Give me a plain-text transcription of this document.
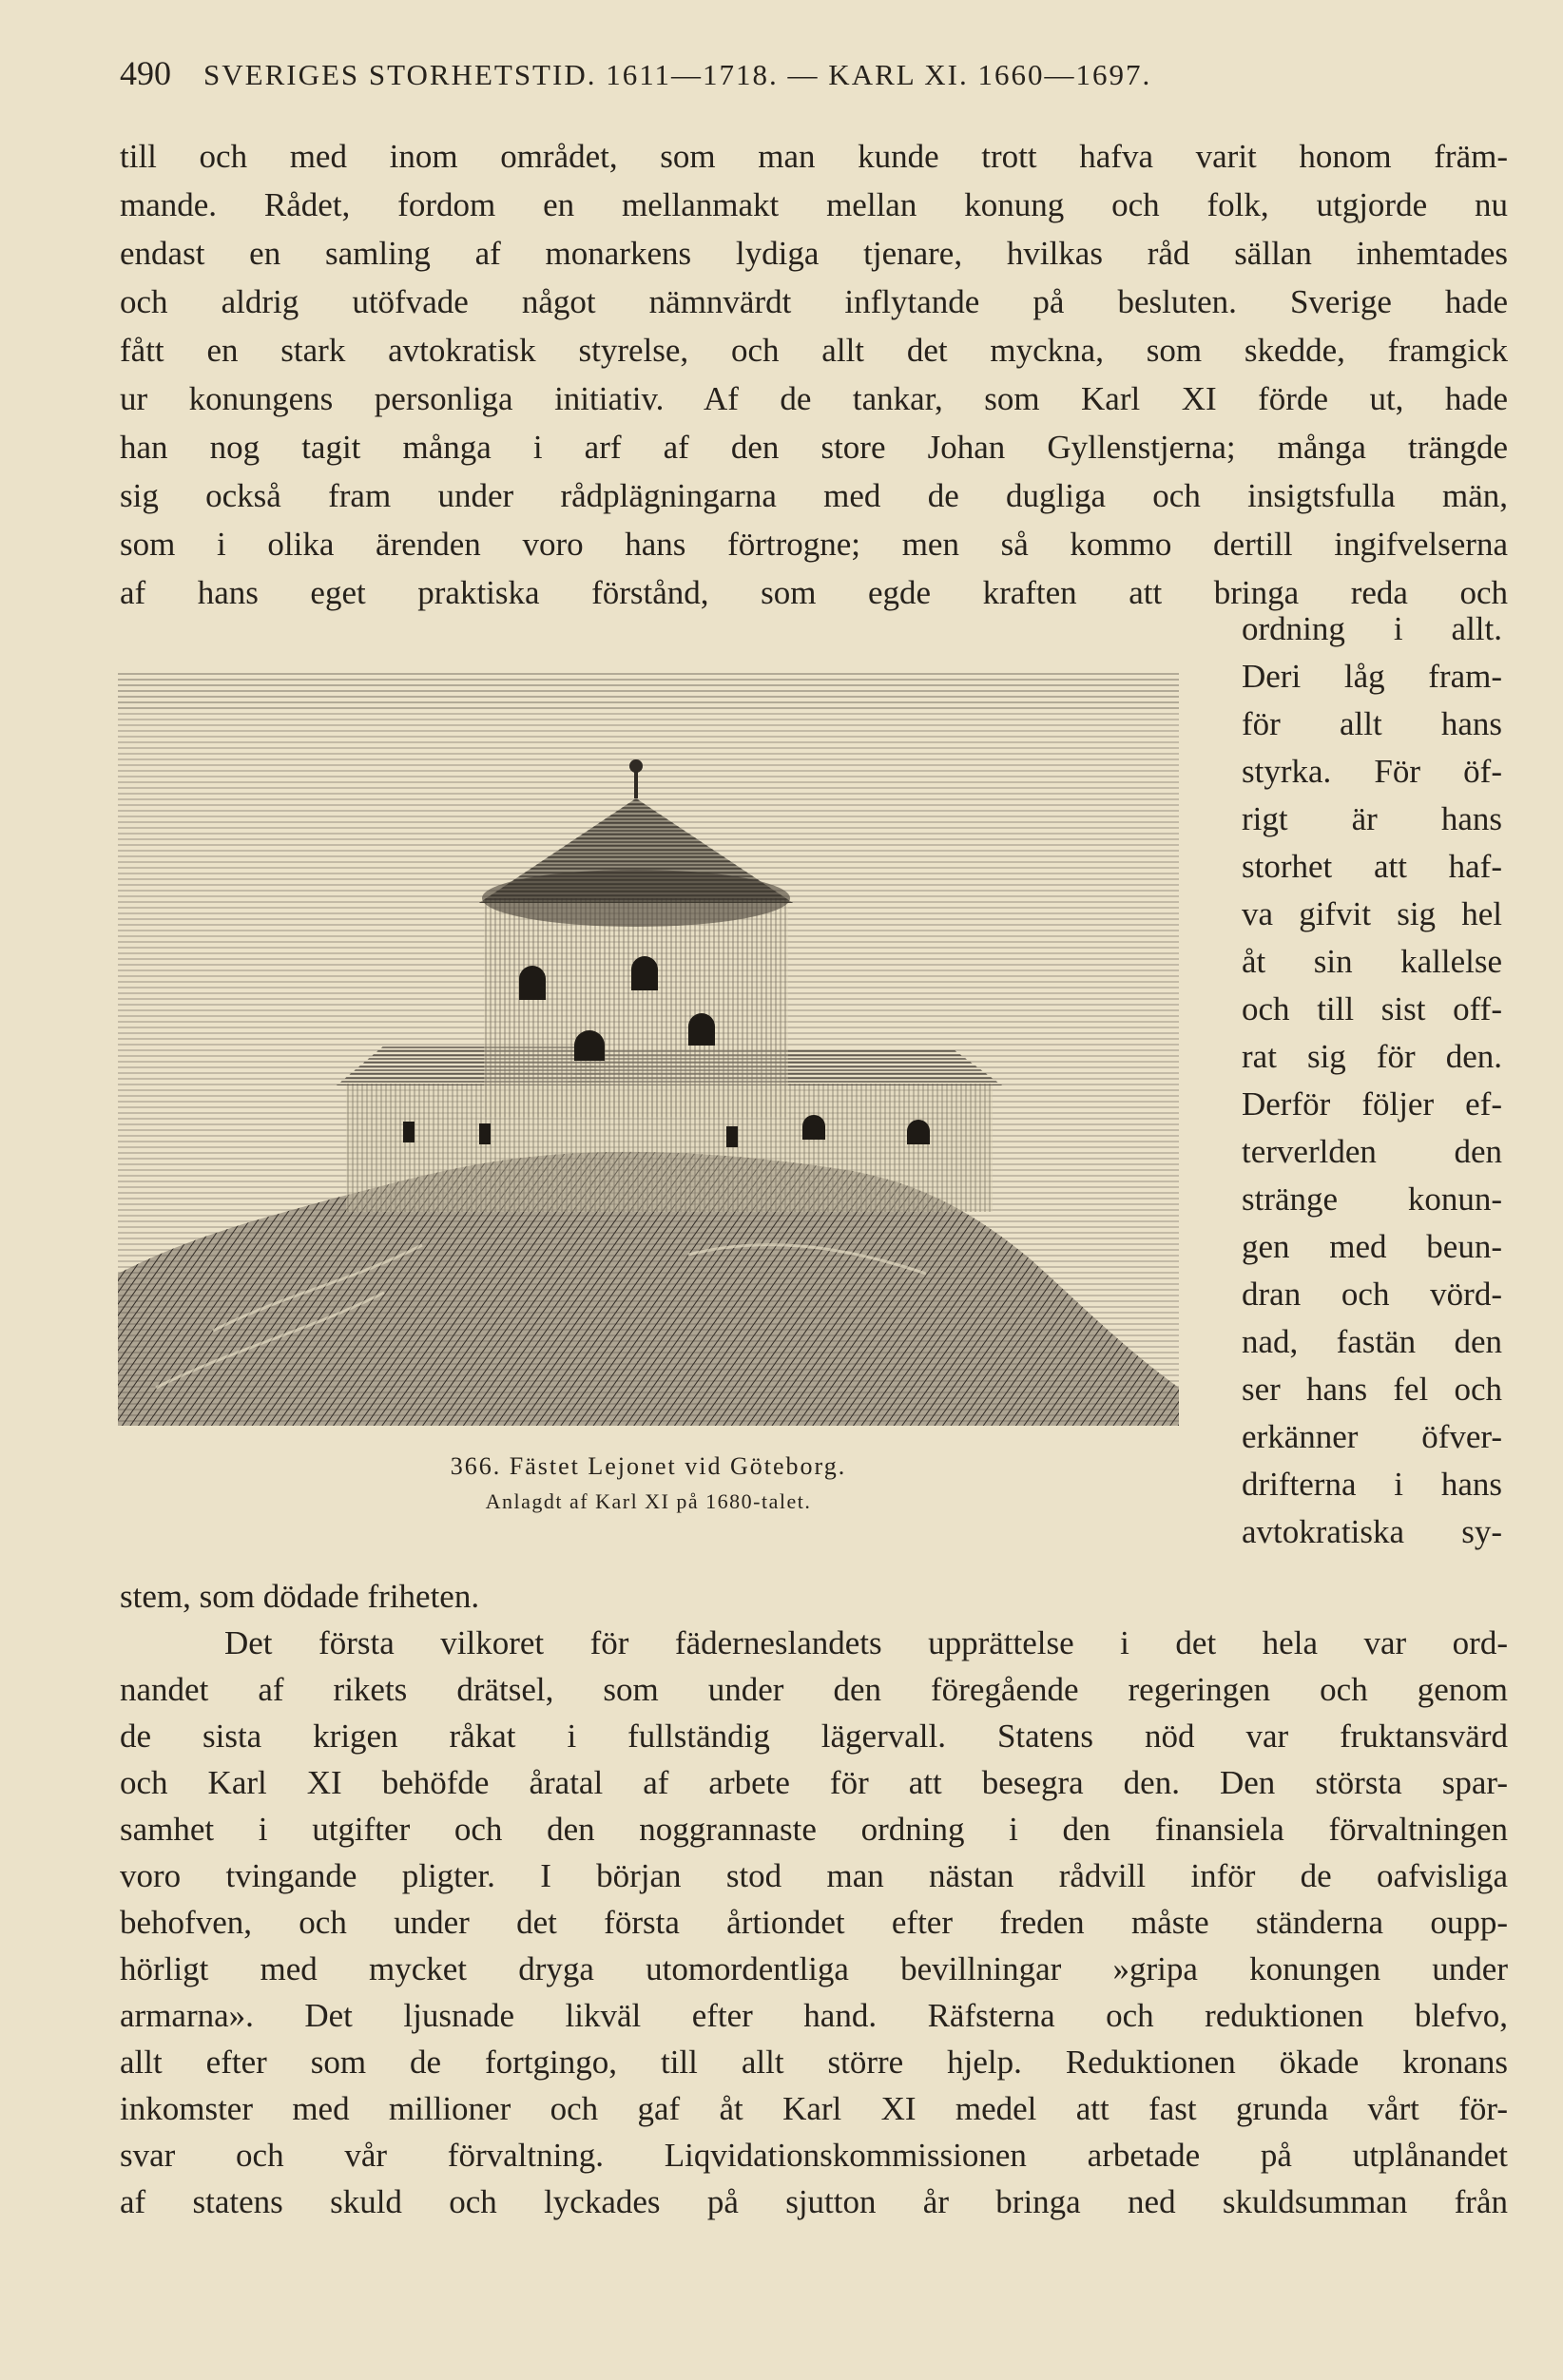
490 SVERIGES STORHETSTID. 1611—1718. — KARL XI. 1660—1697.
till och med inom området, som man kunde trott hafva varit honom främ-
mande. Rådet, fordom en mellanmakt mellan konung och folk, utgjorde nu
endast en samling af monarkens lydiga tjenare, hvilkas råd sällan inhemtades
och aldrig utöfvade något nämnvärdt inflytande på besluten. Sverige hade
fått en stark avtokratisk styrelse, och allt det myckna, som skedde, framgick
ur konungens personliga initiativ. Af de tankar, som Karl XI förde ut, hade
han nog tagit många i arf af den store Johan Gyllenstjerna; många trängde
sig också fram under rådplägningarna med de dugliga och insigtsfulla män,
som i olika ärenden voro hans förtrogne; men så kommo dertill ingifvelserna
af hans eget praktiska förstånd, som egde kraften att bringa reda och
ordning i allt.
Deri låg fram-
för allt hans
styrka. För öf-
rigt är hans
storhet att haf-
va gifvit sig hel
åt sin kallelse
och till sist off-
rat sig för den.
Derför följer ef-
terverlden den
stränge konun-
gen med beun-
dran och vörd-
nad, fastän den
ser hans fel och
erkänner öfver-
drifterna i hans
avtokratiska sy-
366. Fästet Lejonet vid Göteborg.
Anlagdt af Karl XI på 1680-talet.
stem, som dödade friheten.
Det första vilkoret för fäderneslandets upprättelse i det hela var ord-
nandet af rikets drätsel, som under den föregående regeringen och genom
de sista krigen råkat i fullständig lägervall. Statens nöd var fruktansvärd
och Karl XI behöfde åratal af arbete för att besegra den. Den största spar-
samhet i utgifter och den noggrannaste ordning i den finansiela förvaltningen
voro tvingande pligter. I början stod man nästan rådvill inför de oafvisliga
behofven, och under det första årtiondet efter freden måste ständerna oupp-
hörligt med mycket dryga utomordentliga bevillningar »gripa konungen under
armarna». Det ljusnade likväl efter hand. Räfsterna och reduktionen blefvo,
allt efter som de fortgingo, till allt större hjelp. Reduktionen ökade kronans
inkomster med millioner och gaf åt Karl XI medel att fast grunda vårt för-
svar och vår förvaltning. Liqvidationskommissionen arbetade på utplånandet
af statens skuld och lyckades på sjutton år bringa ned skuldsumman från
